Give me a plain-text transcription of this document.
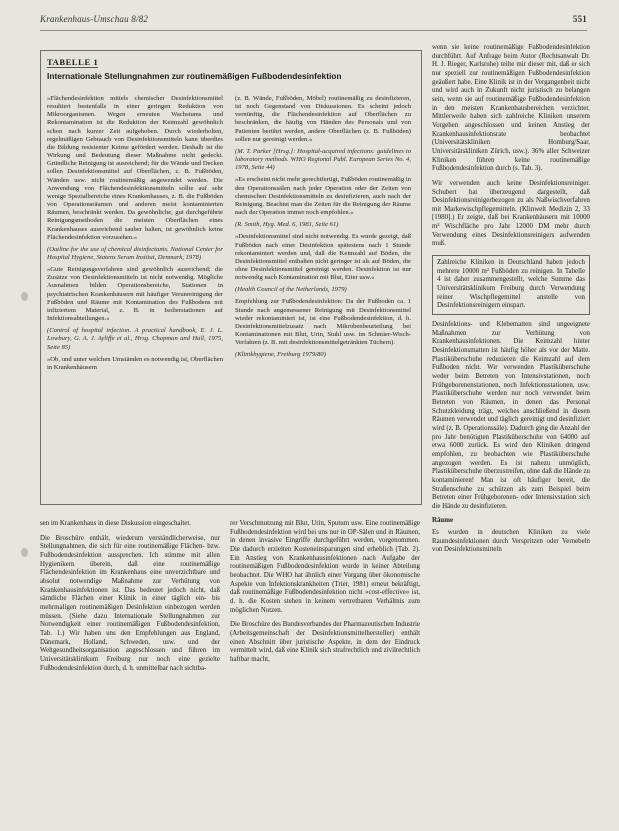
Krankenhaus-Umschau 8/82	551
TABELLE 1
Internationale Stellungnahmen zur routinemäßigen Fußbodendesinfektion

»Flächendesinfektion mittels chemischer Desinfektionsmittel resultiert bestenfalls in einer geringen Reduktion von Mikroorganismen. Wegen erneuten Wachstums und Rekontamination ist die Reduktion der Keimzahl gewöhnlich schon nach kurzer Zeit aufgehoben. Durch wiederholten, regelmäßigen Gebrauch von Desinfektionsmitteln kann überdies die Bildung resistenter Keime gefördert werden. Deshalb ist die Wirkung und Bedeutung dieser Maßnahme nicht gedeckt. Gründliche Reinigung ist ausreichend; für die Wände und Decken sollen Desinfektionsmittel auf Oberflächen, z. B. Fußböden, Wänden usw. nicht routinemäßig angewendet werden. Die Anwendung von Flächendesinfektionsmitteln sollte auf sehr wenige Spezialbereiche eines Krankenhauses, z. B. die Fußböden von Operationsräumen und anderen meist kontaminierten Räumen, beschränkt werden. Da gewöhnliche, gut durchgeführte Reinigungsmethoden die meisten Oberflächen eines Krankenhauses ausreichend sauber halten, ist gewöhnlich keine Flächendesinfektion vorzusehen.«

(Outline for the use of chemical disinfectants. National Center for Hospital Hygiene, Statens Serum Institut, Denmark, 1978)

»Gute Reinigungsverfahren sind gewöhnlich ausreichend; die Zusätze von Desinfektionsmitteln ist nicht notwendig. Mögliche Ausnahmen bilden Operationsbereiche, Stationen in psychiatrischen Krankenhäusern mit häufiger Verunreinigung der Fußböden und Räume mit Kontamination des Fußbodens mit infiziertem Material, z. B. in Isolierstationen auf Infektionsabteilungen.«

(Control of hospital infection. A practical handbook, E. J. L. Lowbury, G. A. J. Ayliffe et al., Hrsg. Chapman and Hall, 1975, Seite 85)

»Ob, und unter welchen Umständen es notwendig ist, Oberflächen in Krankenhäusern

(z. B. Wände, Fußböden, Möbel) routinemäßig zu desinfizieren, ist noch Gegenstand von Diskussionen. Es scheint jedoch vernünftig, die Flächendesinfektion auf Oberflächen zu beschränken, die häufig von Händen des Personals und von Patienten berührt werden, andere Oberflächen (z. B. Fußböden) sollen nur gereinigt werden.«

(M. T. Parker [Hrsg.]: Hospital-acquired infections: guidelines to laboratory methods. WHO Regional Publ. European Series No. 4, 1978, Seite 44)

»Es erscheint nicht mehr gerechtfertigt, Fußböden routinemäßig in den Operationssälen nach jeder Operation oder der Zeiten von chemischen Desinfektionsmitteln zu desinfizieren, auch nach der Reinigung. Beachtet man die Zeiten für die Reinigung der Räume nach der Operation immer noch empfohlen.«

(R. Smith, Hyg. Med. 6, 1981, Seite 61)

»Desinfektionsmittel sind nicht notwendig. Es wurde gezeigt, daß Fußböden nach einer Desinfektion spätestens nach 1 Stunde rekontaminiert werden und, daß die Keimzahl auf Böden, die Desinfektionsmittel enthalten nicht geringer ist als auf Böden, die ohne Desinfektionsmittel gereinigt werden. Desinfektion ist nur notwendig nach Kontamination mit Blut, Eiter usw.«

(Health Council of the Netherlands, 1979)

Empfehlung zur Fußbodendesinfektion: Da der Fußboden ca. 1 Stunde nach angemessener Reinigung mit Desinfektionsmittel wieder rekontaminiert ist, ist eine Fußbodendesinfektion, d. h. Desinfektionsmittelzusatz nach Mikrobenbeurteilung bei Kontaminationen mit Blut, Urin, Stuhl usw. im Schmier-Wisch-Verfahren (z. B. mit desinfektionsmittelgetränkten Tüchern).

(Klinikhygiene, Freiburg 1979/80)

sen im Krankenhaus in diese Diskussion eingeschaltet.

Die Broschüre enthält, wiederum verständlicherweise, nur Stellungnahmen, die sich für eine routinemäßige Flächen- bzw. Fußbodendesinfektion aussprechen. Ich stimme mit allen Hygienikern überein, daß eine routinemäßige Flächendesinfektion im Krankenhaus eine unverzichtbare und absolut notwendige Maßnahme zur Verhütung von Krankenhausinfektionen ist. Das bedeutet jedoch nicht, daß sämtliche Flächen einer Klinik in einer täglich ein- bis mehrmaligen routinemäßigen Desinfektion einbezogen werden müssen. (Siehe dazu Internationale Stellungnahmen zur Notwendigkeit einer routinemäßigen Fußbodendesinfektion, Tab. 1.) Wir haben uns den Empfehlungen aus England, Dänemark, Holland, Schweden, usw. und der Weltgesundheitsorganisation angeschlossen und führen im Universitätsklinikum Freiburg nur noch eine gezielte Fußbodendesinfektion durch, d. h. unmittelbar nach sichtba-

rer Verschmutzung mit Blut, Urin, Sputum usw. Eine routinemäßige Fußbodendesinfektion wird bei uns nur in OP-Sälen und in Räumen, in denen invasive Eingriffe durchgeführt werden, vorgenommen. Die dadurch erzielten Kosteneinsparungen sind erheblich (Tab. 2). Ein Anstieg von Krankenhausinfektionen nach Aufgabe der routinemäßigen Fußbodendesinfektion wurde in keiner Abteilung beobachtet. Die WHO hat ähnlich einer Vorgang über ökonomische Aspekte von Infektionskrankheiten (Trier, 1981) erneut bekräftigt, daß routinemäßige Fußbodendesinfektion nicht »cost-effective« ist, d. h. die Kosten stehen in keinem vertretbaren Verhältnis zum möglichen Nutzen.

Die Broschüre des Bundesverbandes der Pharmazeutischen Industrie (Arbeitsgemeinschaft der Desinfektionsmittelhersteller) enthält einen Abschnitt über juristische Aspekte, in dem der Eindruck vermittelt wird, daß eine Klinik sich strafrechtlich und zivilrechtlich haftbar macht,

wenn sie keine routinemäßige Fußbodendesinfektion durchführt. Auf Anfrage beim Autor (Rechtsanwalt Dr. H. J. Rieger, Karlsruhe) teilte mir dieser mit, daß er sich nur speziell zur routinemäßigen Fußbodendesinfektion geäußert habe. Eine Klinik ist in der Vergangenheit nicht und wird auch in Zukunft nicht juristisch zu belangen sein, wenn sie auf routinemäßige Fußbodendesinfektion in den meisten Krankenhausbereichen verzichtet. Mittlerweile haben sich zahlreiche Kliniken unserem Vorgehen angeschlossen und keinen Anstieg der Krankenhausinfektionsrate beobachtet (Universitätskliniken Homburg/Saar, Universitätskliniken Zürich, usw.). 36% aller Schweizer Kliniken führen keine routinemäßige Fußbodendesinfektion durch (s. Tab. 3).

Wir verwenden auch keine Desinfektionsreiniger. Schubert hat überzeugend dargestellt, daß Desinfektionsreinigerbezogen zu als Naßwischverfahren mit Markewischpflegemitteln. (Klinwelt Medizin 2, 33 [1980].) Er zeigte, daß bei Krankenhäusern mit 10000 m² Wischfläche pro Jahr 12000 DM mehr durch Verwendung eines Desinfektionsreinigers aufwenden muß.

Zahlreiche Kliniken in Deutschland haben jedoch mehrere 10000 m² Fußböden zu reinigen. In Tabelle 4 ist daher zusammengestellt, welche Summe das Universitätsklinikum Freiburg durch Verwendung reiner Wischpflegemittel anstelle von Desinfektionsreinigern einspart.

Desinfektions- und Klebematten sind ungeeignete Maßnahmen zur Verhütung von Krankenhausinfektionen. Die Keimzahl hinter Desinfektionsmatten ist häufig höher als vor der Matte. Plastiküberschuhe reduzieren die Keimzahl auf dem Fußboden nicht. Wir verwenden Plastiküberschuhe weder beim Betreten von Intensivstationen, noch Frühgeborenenstationen, noch Infektionsstationen, usw. Plastiküberschuhe werden nur noch verwendet beim Betreten von Räumen, in denen das Personal Schutzkleidung trägt, welches anschließend in diesen Räumen verwendet und täglich gereinigt und desinfiziert wird (z. B. Operationssäle). Dadurch ging die Anzahl der pro Jahr benötigten Plastiküberschuhe von 64000 auf etwa 6000 zurück. Es wird den Kliniken dringend empfohlen, zu beobachten wie Plastiküberschuhe angezogen werden. Es ist nahezu unmöglich, Plastiküberschuhe überzustreifen, ohne daß die Hände zu kontaminieren! Man ist oft häufiger bereit, die Straßenschuhe zu schützen als zum Beispiel beim Betreten einer Frühgeborenen- oder Intensivstation sich die Hände zu desinfizieren.

Räume

Es wurden in deutschen Kliniken zu viele Raumdesinfektionen durch Verspritzen oder Vernebeln von Desinfektionsmitteln
